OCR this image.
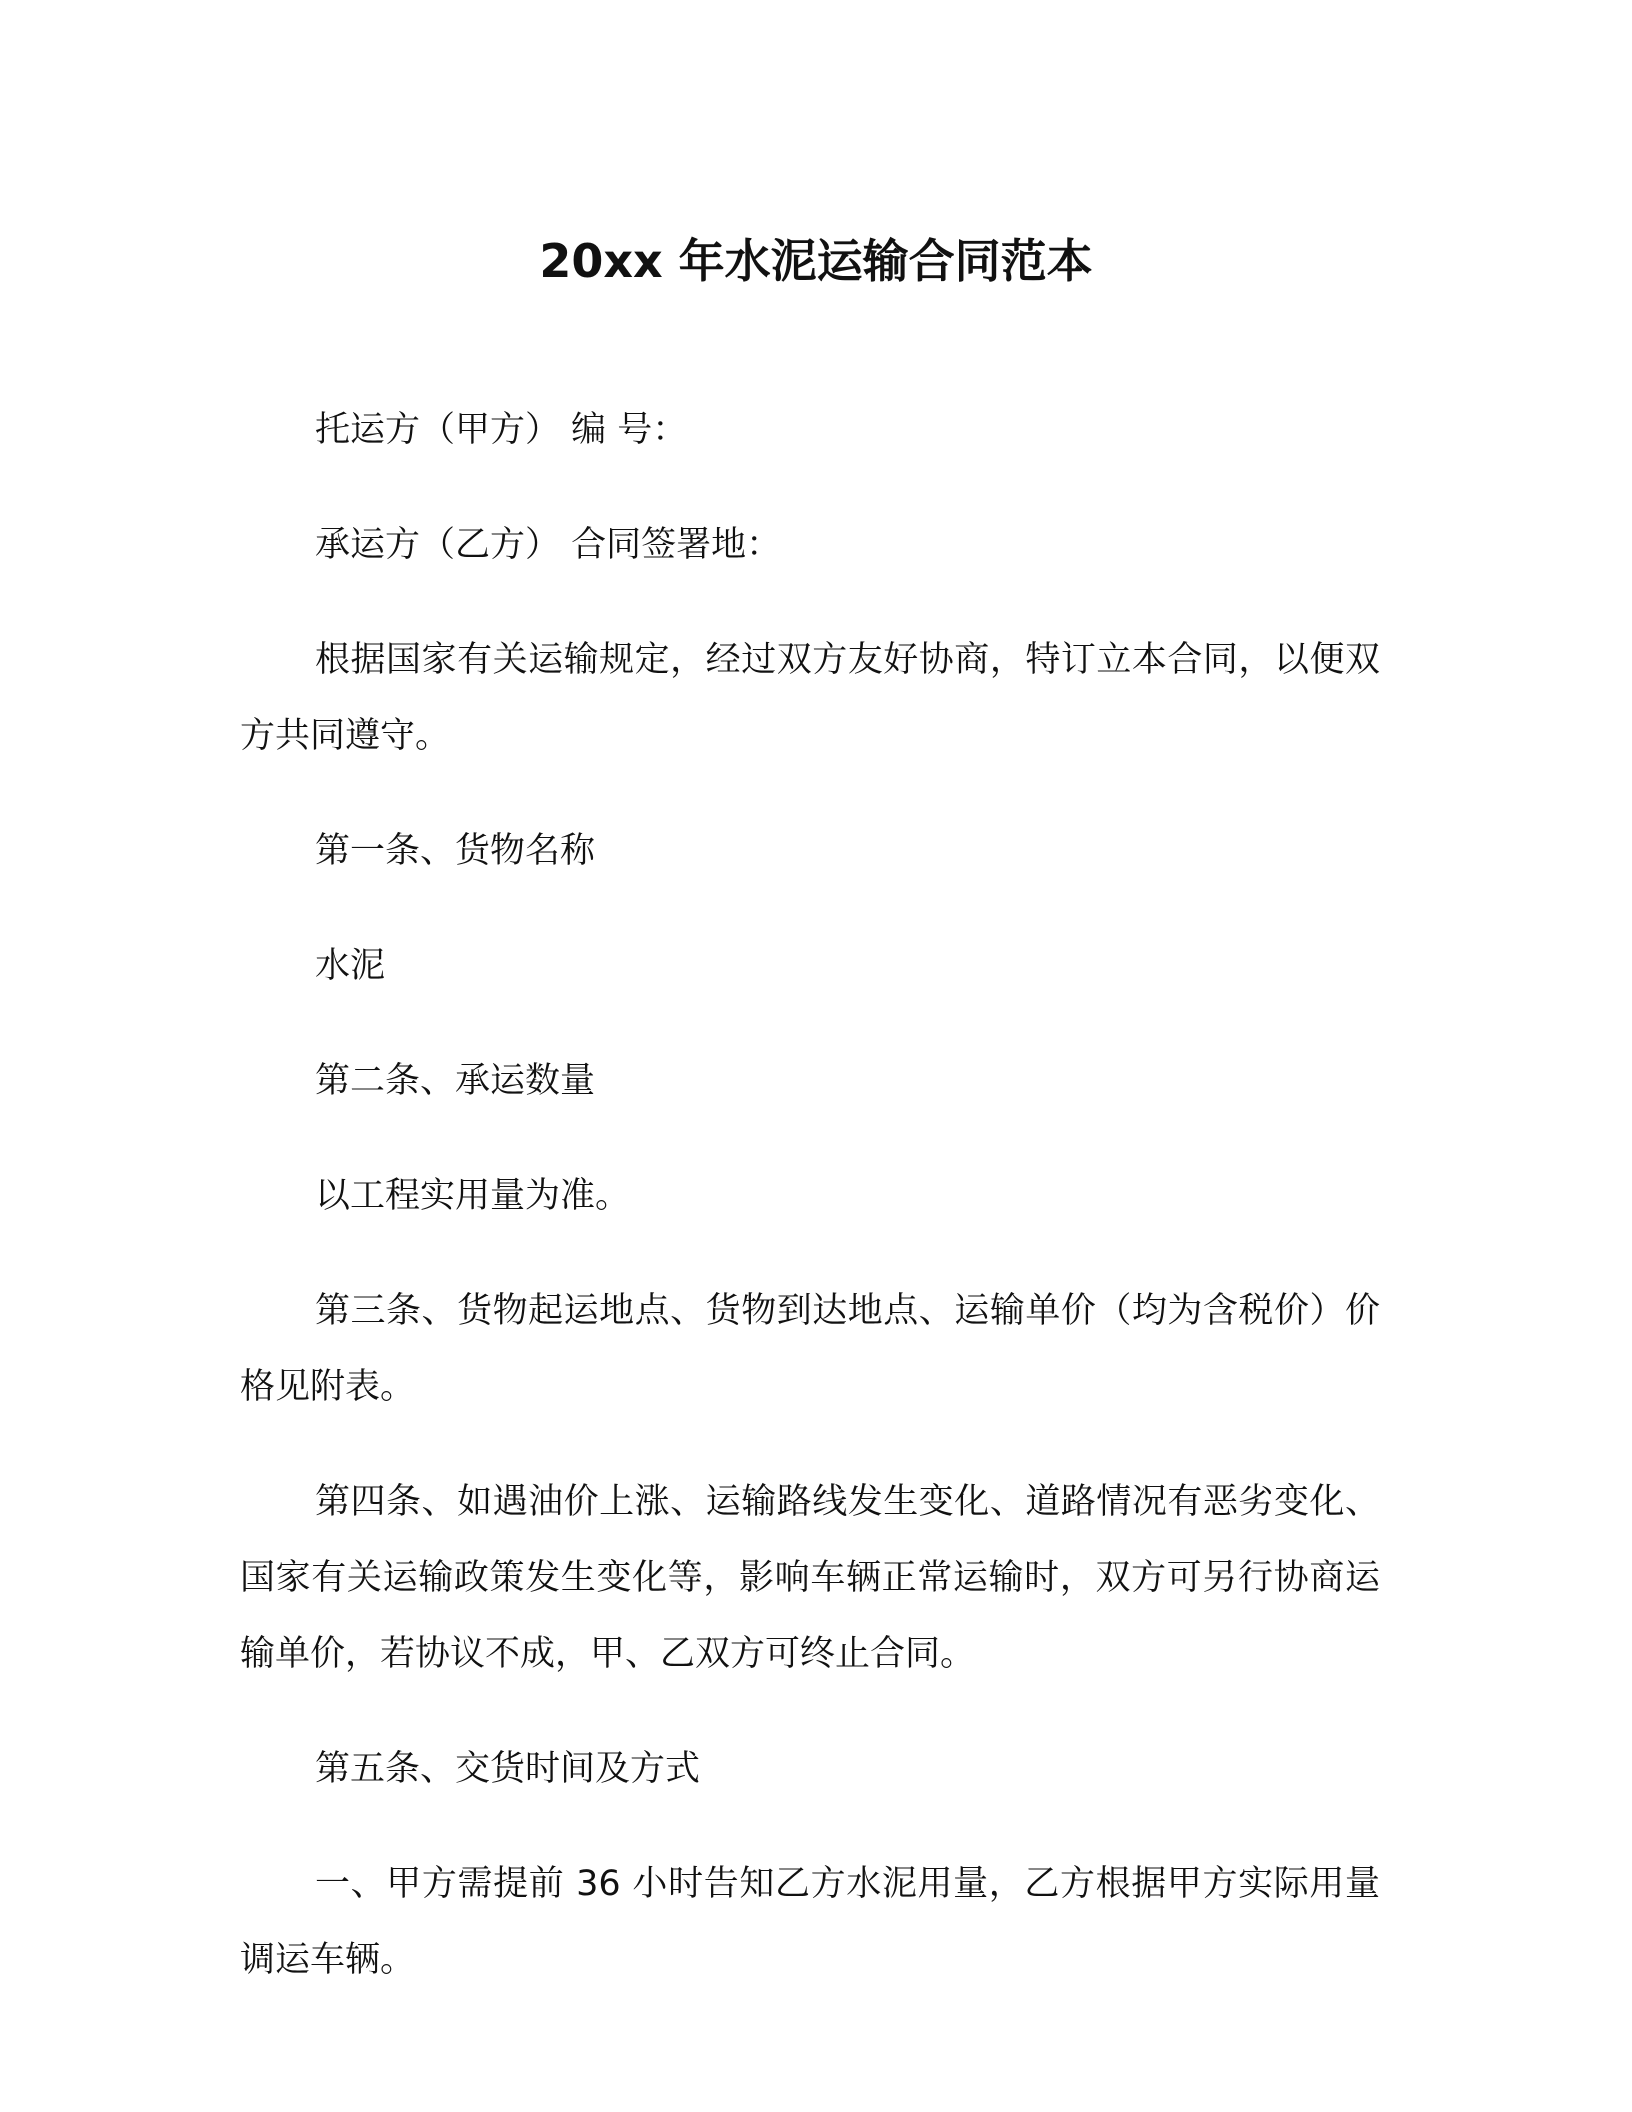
20xx 年水泥运输合同范本

托运方（甲方） 编 号：

承运方（乙方） 合同签署地：

根据国家有关运输规定，经过双方友好协商，特订立本合同，以便双方共同遵守。

第一条、货物名称

水泥

第二条、承运数量

以工程实用量为准。

第三条、货物起运地点、货物到达地点、运输单价（均为含税价）价格见附表。

第四条、如遇油价上涨、运输路线发生变化、道路情况有恶劣变化、国家有关运输政策发生变化等，影响车辆正常运输时，双方可另行协商运输单价，若协议不成，甲、乙双方可终止合同。

第五条、交货时间及方式

一、甲方需提前 36 小时告知乙方水泥用量，乙方根据甲方实际用量调运车辆。
